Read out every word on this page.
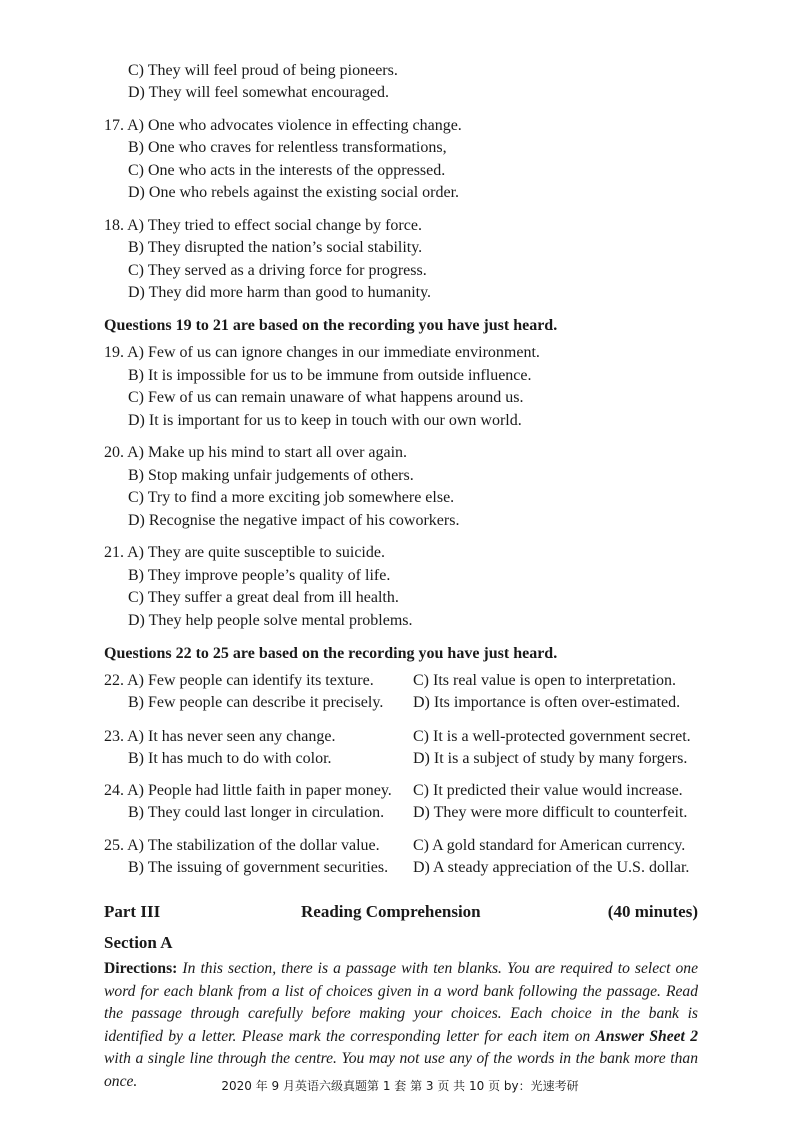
C) They will feel proud of being pioneers.
D) They will feel somewhat encouraged.
17. A) One who advocates violence in effecting change.
B) One who craves for relentless transformations,
C) One who acts in the interests of the oppressed.
D) One who rebels against the existing social order.
18. A) They tried to effect social change by force.
B) They disrupted the nation’s social stability.
C) They served as a driving force for progress.
D) They did more harm than good to humanity.
Questions 19 to 21 are based on the recording you have just heard.
19. A) Few of us can ignore changes in our immediate environment.
B) It is impossible for us to be immune from outside influence.
C) Few of us can remain unaware of what happens around us.
D) It is important for us to keep in touch with our own world.
20. A) Make up his mind to start all over again.
B) Stop making unfair judgements of others.
C) Try to find a more exciting job somewhere else.
D) Recognise the negative impact of his coworkers.
21. A) They are quite susceptible to suicide.
B) They improve people’s quality of life.
C) They suffer a great deal from ill health.
D) They help people solve mental problems.
Questions 22 to 25 are based on the recording you have just heard.
22. A) Few people can identify its texture. C) Its real value is open to interpretation.
B) Few people can describe it precisely. D) Its importance is often over-estimated.
23. A) It has never seen any change.	C) It is a well-protected government secret.
B) It has much to do with color.	D) It is a subject of study by many forgers.
24. A) People had little faith in paper money. C) It predicted their value would increase.
B) They could last longer in circulation. D) They were more difficult to counterfeit.
25. A) The stabilization of the dollar value. C) A gold standard for American currency.
B) The issuing of government securities. D) A steady appreciation of the U.S. dollar.
Part III	Reading Comprehension	(40 minutes)
Section A
Directions: In this section, there is a passage with ten blanks. You are required to select one word for each blank from a list of choices given in a word bank following the passage. Read the passage through carefully before making your choices. Each choice in the bank is identified by a letter. Please mark the corresponding letter for each item on Answer Sheet 2 with a single line through the centre. You may not use any of the words in the bank more than once.	2020 年 9 月英语六级真题第 1 套 第 3 页 共 10 页 by：光速考研
